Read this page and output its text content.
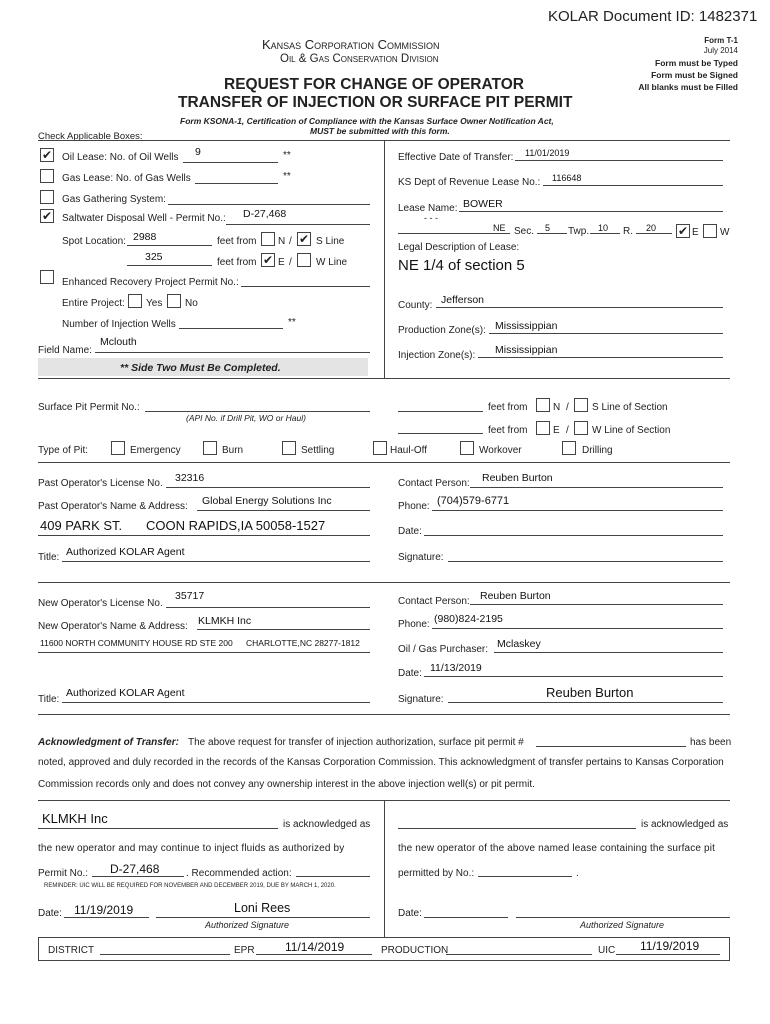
KOLAR Document ID: 1482371
Kansas Corporation Commission
Oil & Gas Conservation Division
Form T-1
July 2014
Form must be Typed
Form must be Signed
All blanks must be Filled
REQUEST FOR CHANGE OF OPERATOR
TRANSFER OF INJECTION OR SURFACE PIT PERMIT
Form KSONA-1, Certification of Compliance with the Kansas Surface Owner Notification Act,
MUST be submitted with this form.
Check Applicable Boxes:
✔ Oil Lease: No. of Oil Wells 9	**
Gas Lease: No. of Gas Wells	**
Gas Gathering System:
✔ Saltwater Disposal Well - Permit No.: D-27,468
Spot Location: 2988	feet from N / ✔ S Line
325	feet from ✔ E / W Line
Enhanced Recovery Project Permit No.:
Entire Project: Yes No
Number of Injection Wells	**
Field Name:
Mclouth
** Side Two Must Be Completed.
Effective Date of Transfer: 11/01/2019
KS Dept of Revenue Lease No.: 116648
Lease Name: BOWER
- - -
NE Sec. 5 Twp. 10 R. 20 ✔ E W
Legal Description of Lease:
NE 1/4 of section 5
County: Jefferson
Production Zone(s): Mississippian
Injection Zone(s): Mississippian
Surface Pit Permit No.:
(API No. if Drill Pit, WO or Haul)
feet from	N / S Line of Section
feet from	E / W Line of Section
Type of Pit:	Emergency	Burn	Settling	Haul-Off	Workover	Drilling
Past Operator's License No. 32316	Contact Person: Reuben Burton
Past Operator's Name & Address: Global Energy Solutions Inc	Phone: (704)579-6771
409 PARK ST. COON RAPIDS,IA 50058-1527	Date:
Title: Authorized KOLAR Agent	Signature:
New Operator's License No.
35717	Contact Person: Reuben Burton
New Operator's Name & Address: KLMKH Inc	Phone: (980)824-2195
11600 NORTH COMMUNITY HOUSE RD STE 200 CHARLOTTE,NC 28277-1812
Oil / Gas Purchaser: Mclaskey
Date: 11/13/2019
Title:
Authorized KOLAR Agent
Signature:	Reuben Burton
Acknowledgment of Transfer: The above request for transfer of injection authorization, surface pit permit #	has been
noted, approved and duly recorded in the records of the Kansas Corporation Commission. This acknowledgment of transfer pertains to Kansas Corporation
Commission records only and does not convey any ownership interest in the above injection well(s) or pit permit.
KLMKH Inc	is acknowledged as	is acknowledged as
the new operator and may continue to inject fluids as authorized by	the new operator of the above named lease containing the surface pit
Permit No.: D-27,468	. Recommended action:	permitted by No.:	.
REMINDER: UIC WILL BE REQUIRED FOR NOVEMBER AND DECEMBER 2019, DUE BY MARCH 1, 2020.
Date: 11/19/2019	Loni Rees
Authorized Signature
Date:
Authorized Signature
DISTRICT	EPR	11/14/2019	PRODUCTION	UIC 11/19/2019
